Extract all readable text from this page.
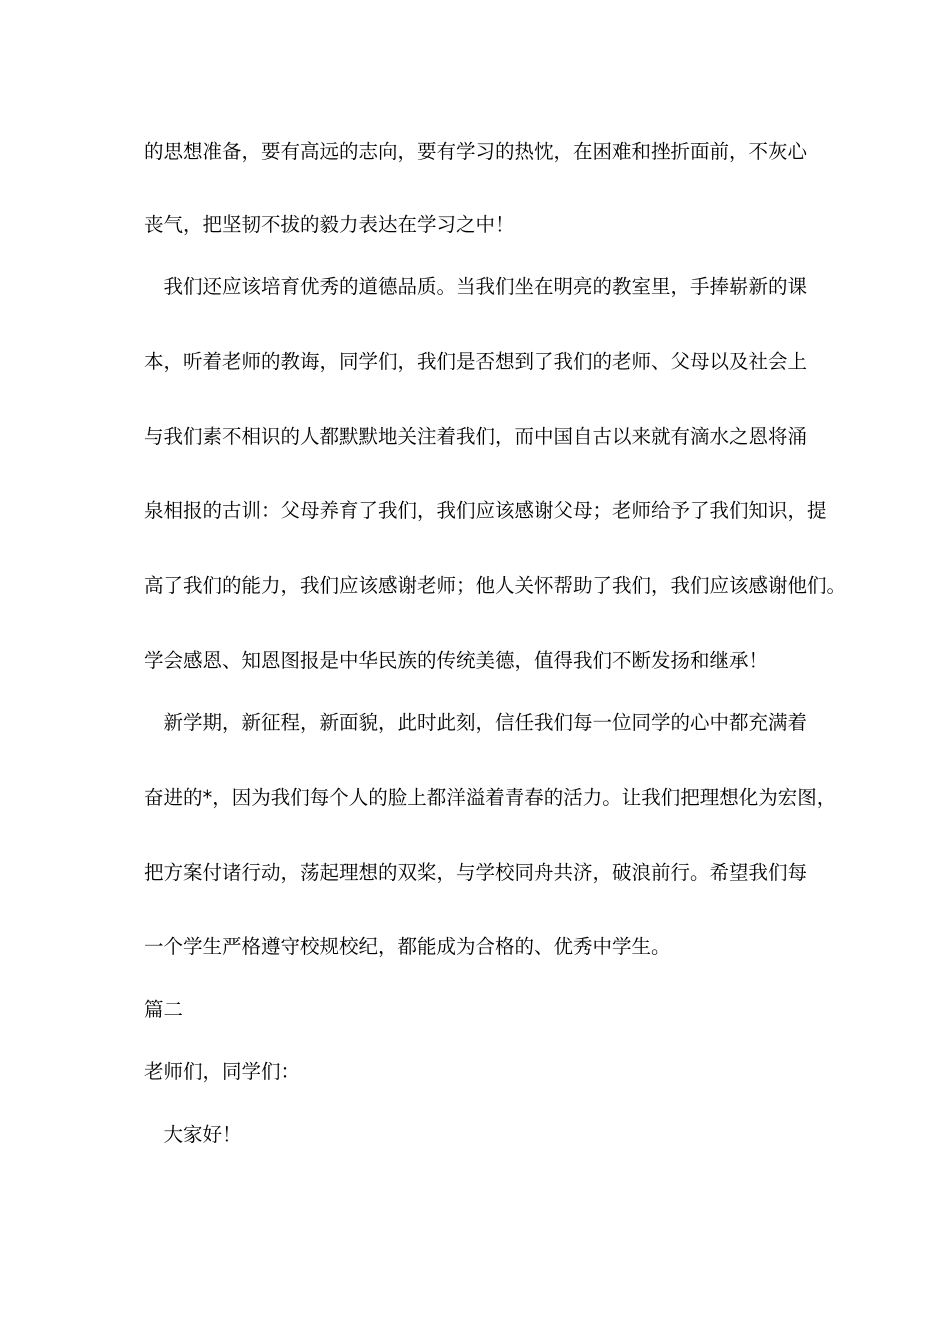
的思想准备，要有高远的志向，要有学习的热忱，在困难和挫折面前，不灰心
丧气，把坚韧不拔的毅力表达在学习之中！
　我们还应该培育优秀的道德品质。当我们坐在明亮的教室里，手捧崭新的课
本，听着老师的教诲，同学们，我们是否想到了我们的老师、父母以及社会上
与我们素不相识的人都默默地关注着我们，而中国自古以来就有滴水之恩将涌
泉相报的古训：父母养育了我们，我们应该感谢父母；老师给予了我们知识，提
高了我们的能力，我们应该感谢老师；他人关怀帮助了我们，我们应该感谢他们。
学会感恩、知恩图报是中华民族的传统美德，值得我们不断发扬和继承！
　新学期，新征程，新面貌，此时此刻，信任我们每一位同学的心中都充满着
奋进的*，因为我们每个人的脸上都洋溢着青春的活力。让我们把理想化为宏图，
把方案付诸行动，荡起理想的双桨，与学校同舟共济，破浪前行。希望我们每
一个学生严格遵守校规校纪，都能成为合格的、优秀中学生。
篇二
老师们，同学们：
　大家好！
